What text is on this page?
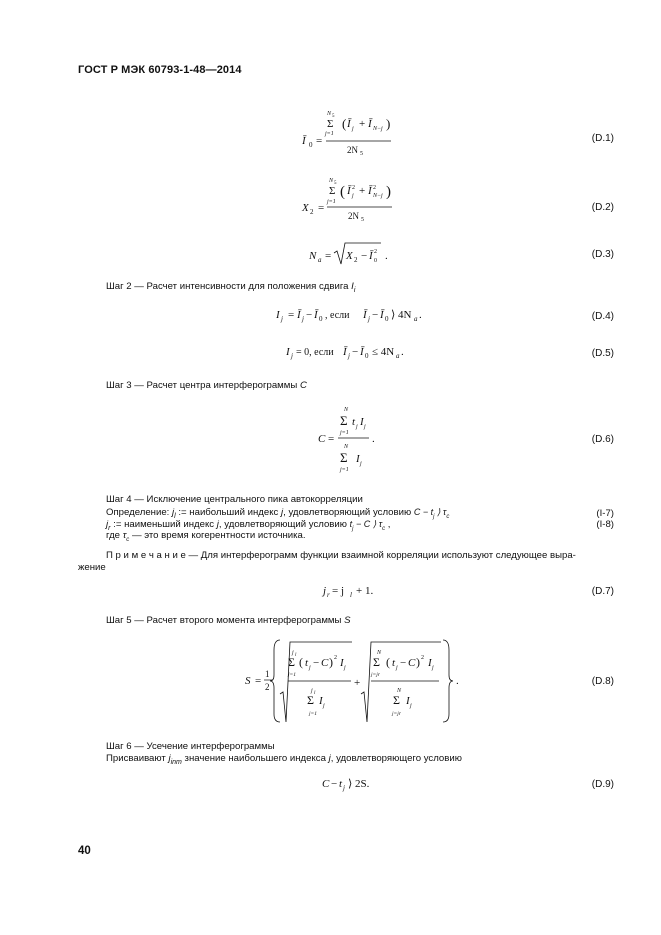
ГОСТ Р МЭК 60793-1-48—2014
Ī 0 =
N 5
Σ
j=1
( Ī j + Ī N−j )
2N 5
X 2 =
N 5
Σ
j=1
( Ī 2
j + Ī 2
N−j )
2N 5
N a = X 2 − Ī 2
0 .
I j = Ī j − Ī 0 , если Ī j − Ī 0 ⟩ 4N a .
I j = 0, если Ī j − Ī 0 ≤ 4N a .
C =
N
Σ
j=1
t j I j
N
Σ
j=1
I j
.
j r = j l + 1.
S =
1
2
j l
Σ
j=1
( t j − C ) 2 I j
j l
Σ
j=1
I j
+
N
Σ
j=jr
( t j − C ) 2 I j
N
Σ
j=jr
I j
.
C − t j ⟩ 2S.
(D.1)
(D.2)
(D.3)
(D.4)
(D.5)
(D.6)
(I-7)
(I-8)
(D.7)
(D.8)
(D.9)
Шаг 2 — Расчет интенсивности для положения сдвига $I_i$
Шаг 3 — Расчет центра интерферограммы C
Шаг 4 — Исключение центрального пика автокорреляции
Определение: $j_l$ := наибольший индекс j, удовлетворяющий условию $C - t_j$ ⟩ $\tau_c$
$j_r$ := наименьший индекс j, удовлетворяющий условию $t_j - C$ ⟩ $\tau_c$ ,
где $\tau_c$ — это время когерентности источника.
П р и м е ч а н и е — Для интерферограмм функции взаимной корреляции используют следующее выра-
жение
Шаг 5 — Расчет второго момента интерферограммы S
Шаг 6 — Усечение интерферограммы
Присваивают $j_{inm}$ значение наибольшего индекса j, удовлетворяющего условию
40
